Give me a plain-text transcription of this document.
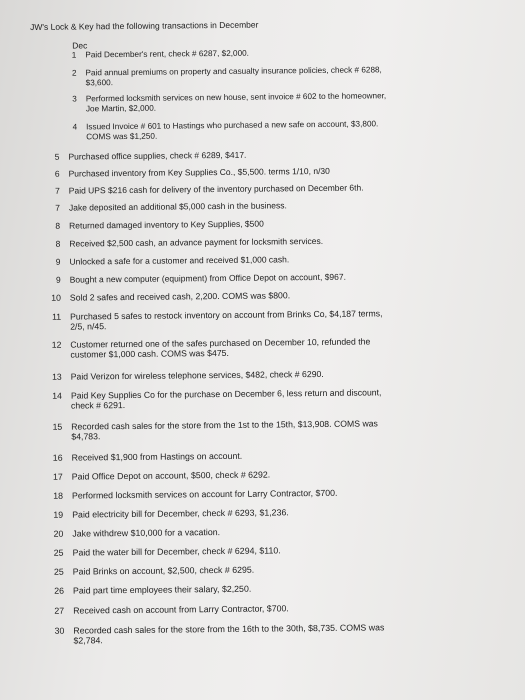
JW's Lock & Key had the following transactions in December
Dec
1 Paid December's rent, check # 6287, $2,000.
2 Paid annual premiums on property and casualty insurance policies, check # 6288,
$3,600.
3 Performed locksmith services on new house, sent invoice # 602 to the homeowner,
Joe Martin, $2,000.
4 Issued Invoice # 601 to Hastings who purchased a new safe on account, $3,800.
COMS was $1,250.
5 Purchased office supplies, check # 6289, $417.
6 Purchased inventory from Key Supplies Co., $5,500. terms 1/10, n/30
7 Paid UPS $216 cash for delivery of the inventory purchased on December 6th.
7 Jake deposited an additional $5,000 cash in the business.
8 Returned damaged inventory to Key Supplies, $500
8 Received $2,500 cash, an advance payment for locksmith services.
9 Unlocked a safe for a customer and received $1,000 cash.
9 Bought a new computer (equipment) from Office Depot on account, $967.
10 Sold 2 safes and received cash, 2,200. COMS was $800.
11 Purchased 5 safes to restock inventory on account from Brinks Co, $4,187 terms,
2/5, n/45.
12 Customer returned one of the safes purchased on December 10, refunded the
customer $1,000 cash. COMS was $475.
13 Paid Verizon for wireless telephone services, $482, check # 6290.
14 Paid Key Supplies Co for the purchase on December 6, less return and discount,
check # 6291.
15 Recorded cash sales for the store from the 1st to the 15th, $13,908. COMS was
$4,783.
16 Received $1,900 from Hastings on account.
17 Paid Office Depot on account, $500, check # 6292.
18 Performed locksmith services on account for Larry Contractor, $700.
19 Paid electricity bill for December, check # 6293, $1,236.
20 Jake withdrew $10,000 for a vacation.
25 Paid the water bill for December, check # 6294, $110.
25 Paid Brinks on account, $2,500, check # 6295.
26 Paid part time employees their salary, $2,250.
27 Received cash on account from Larry Contractor, $700.
30 Recorded cash sales for the store from the 16th to the 30th, $8,735. COMS was
$2,784.
